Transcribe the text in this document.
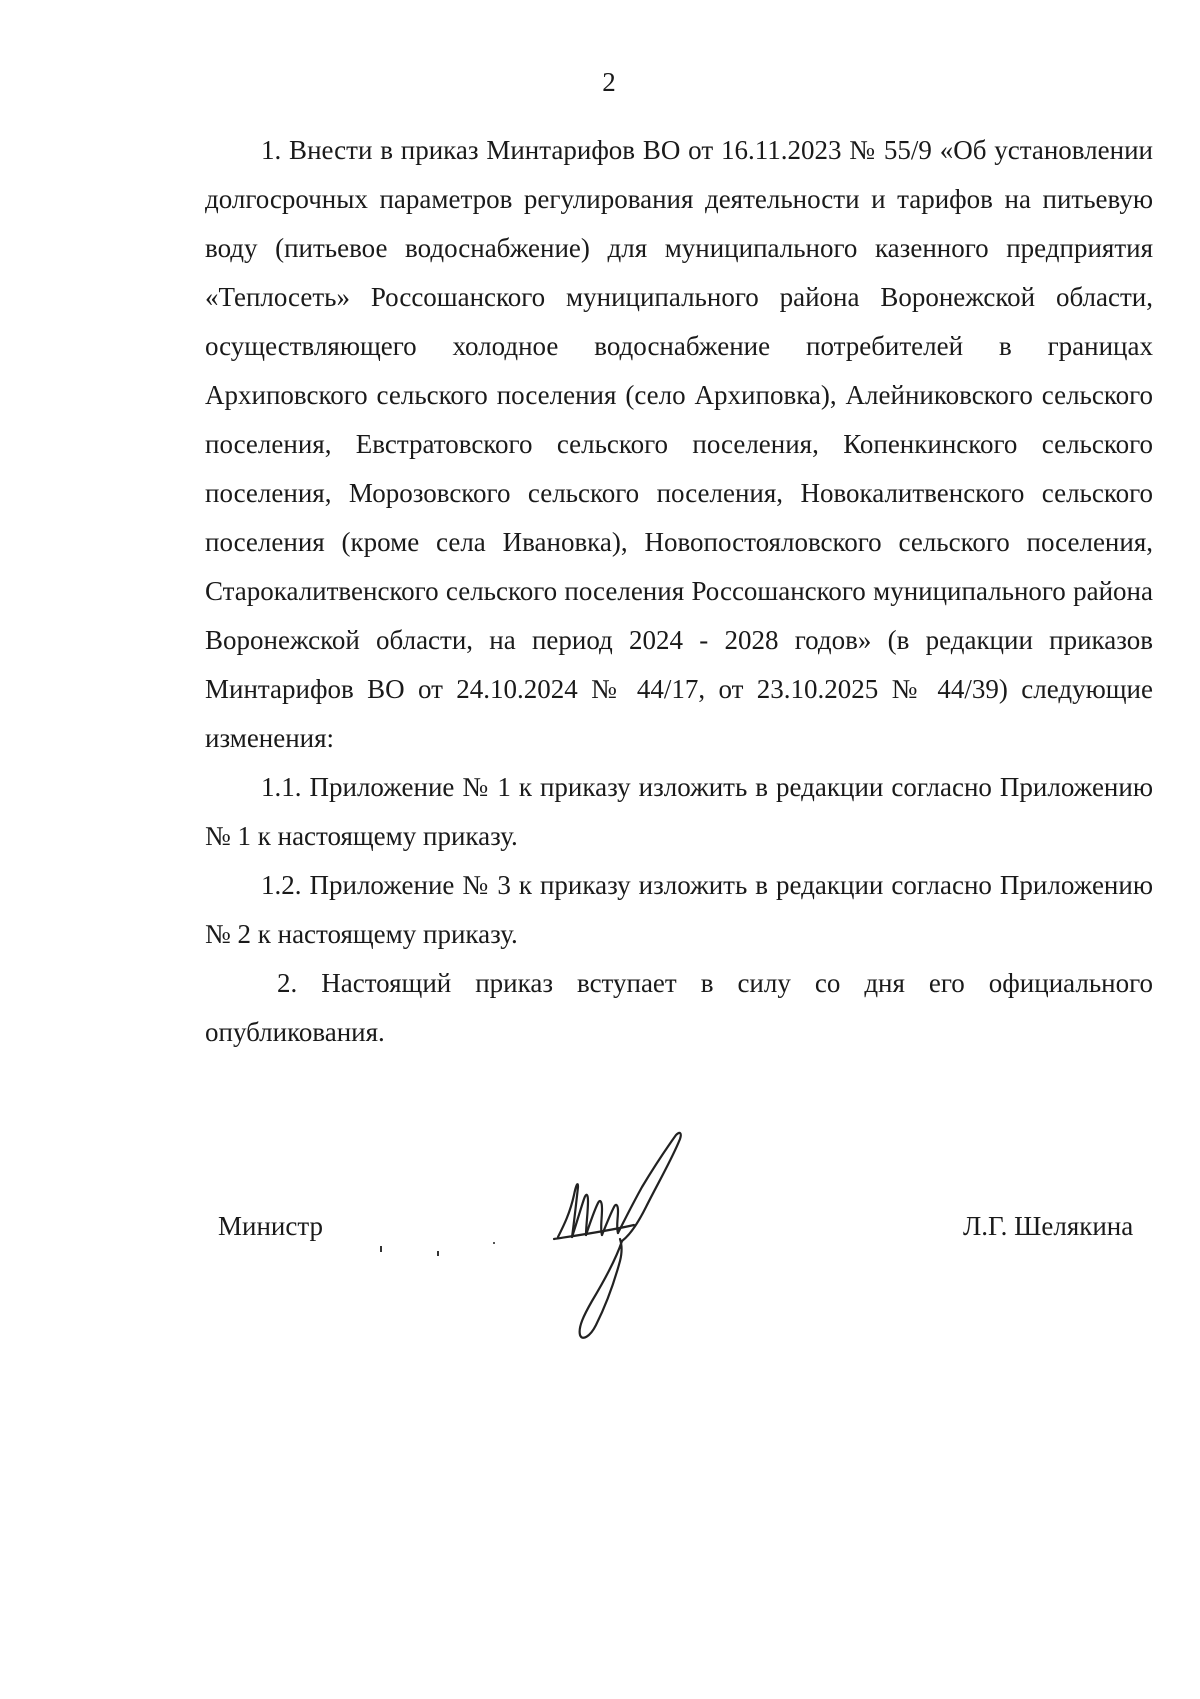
2

1. Внести в приказ Минтарифов ВО от 16.11.2023 № 55/9 «Об установлении долгосрочных параметров регулирования деятельности и тарифов на питьевую воду (питьевое водоснабжение) для муниципального казенного предприятия «Теплосеть» Россошанского муниципального района Воронежской области, осуществляющего холодное водоснабжение потребителей в границах Архиповского сельского поселения (село Архиповка), Алейниковского сельского поселения, Евстратовского сельского поселения, Копенкинского сельского поселения, Морозовского сельского поселения, Новокалитвенского сельского поселения (кроме села Ивановка), Новопостояловского сельского поселения, Старокалитвенского сельского поселения Россошанского муниципального района Воронежской области, на период 2024 - 2028 годов» (в редакции приказов Минтарифов ВО от 24.10.2024 № 44/17, от 23.10.2025 № 44/39) следующие изменения:

1.1. Приложение № 1 к приказу изложить в редакции согласно Приложению № 1 к настоящему приказу.

1.2. Приложение № 3 к приказу изложить в редакции согласно Приложению № 2 к настоящему приказу.

2. Настоящий приказ вступает в силу со дня его официального опубликования.

Министр	Л.Г. Шелякина
